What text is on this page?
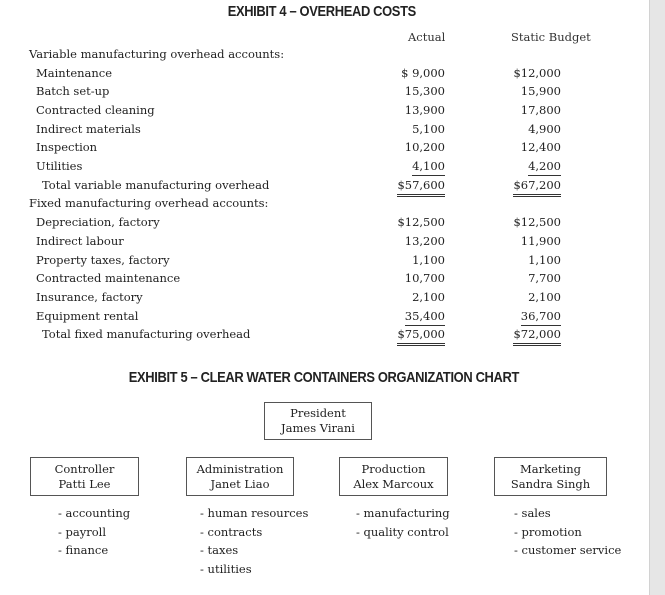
EXHIBIT 4 – OVERHEAD COSTS
Actual	Static Budget
Variable manufacturing overhead accounts:
Maintenance	$ 9,000	$12,000
Batch set-up	15,300	15,900
Contracted cleaning	13,900	17,800
Indirect materials	5,100	4,900
Inspection	10,200	12,400
Utilities	4,100	4,200
Total variable manufacturing overhead	$57,600	$67,200
Fixed manufacturing overhead accounts:
Depreciation, factory	$12,500	$12,500
Indirect labour	13,200	11,900
Property taxes, factory	1,100	1,100
Contracted maintenance	10,700	7,700
Insurance, factory	2,100	2,100
Equipment rental	35,400	36,700
Total fixed manufacturing overhead	$75,000	$72,000
EXHIBIT 5 – CLEAR WATER CONTAINERS ORGANIZATION CHART
President
James Virani
Controller
Patti Lee
Administration
Janet Liao
Production
Alex Marcoux
Marketing
Sandra Singh
- accounting
- payroll
- finance
- human resources
- contracts
- taxes
- utilities
- manufacturing
- quality control
- sales
- promotion
- customer service
